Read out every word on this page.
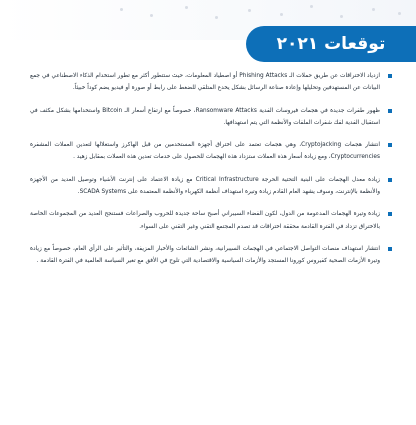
توقعات ٢٠٢١
ازدياد الاختراقات عن طريق حملات الـ Phishing Attacks أو اصطياد المعلومات، حيث ستتطور أكثر مع تطور استخدام الذكاء الاصطناعي في جمع البيانات عن المستهدفين وتحليلها وإعادة صناعة الرسائل بشكل يخدع المتلقي للضغط على رابط أو صورة أو فيديو يضم كوداً خبيثاً.
ظهور طفرات جديدة في هجمات فيروسات الفدية Ransomware Attacks، خصوصاً مع ارتفاع أسعار الـ Bitcoin واستخدامها بشكل مكثف في استقبال الفدية لفك شفرات الملفات والأنظمة التي يتم استهدافها.
انتشار هجمات Cryptojacking، وهي هجمات تعتمد على اختراق أجهزة المستخدمين من قبل الهاكرز واستغلالها لتعدين العملات المشفرة Cryptocurrencies، ومع زيادة أسعار هذه العملات ستزداد هذه الهجمات للحصول على خدمات تعدين هذه العملات بمقابل زهيد .
زيادة معدل الهجمات على البنية التحتية الحرجة Critical Infrastructure مع زيادة الاعتماد على إنترنت الأشياء وتوصيل العديد من الأجهزة والأنظمة بالإنترنت، وسوف يشهد العام القادم زيادة وتيرة استهداف أنظمة الكهرباء والأنظمة المعتمدة على SCADA Systems.
زيادة وتيرة الهجمات المدعومة من الدول، لكون الفضاء السيبراني أصبح ساحة جديدة للحروب والصراعات فستنجح العديد من المجموعات الخاصة بالاختراق تزداد في الفترة القادمة محققة اختراقات قد تصدم المجتمع التقني وغير التقني على السواء.
انتشار استهداف منصات التواصل الاجتماعي في الهجمات السيبرانية، ونشر الشائعات والأخبار المزيفة، والتأثير على الرأي العام، خصوصاً مع زيادة وتيرة الأزمات الصحية كفيروس كورونا المستجد والأزمات السياسية والاقتصادية التي تلوح في الأفق مع تغير السياسة العالمية في الفترة القادمة .
